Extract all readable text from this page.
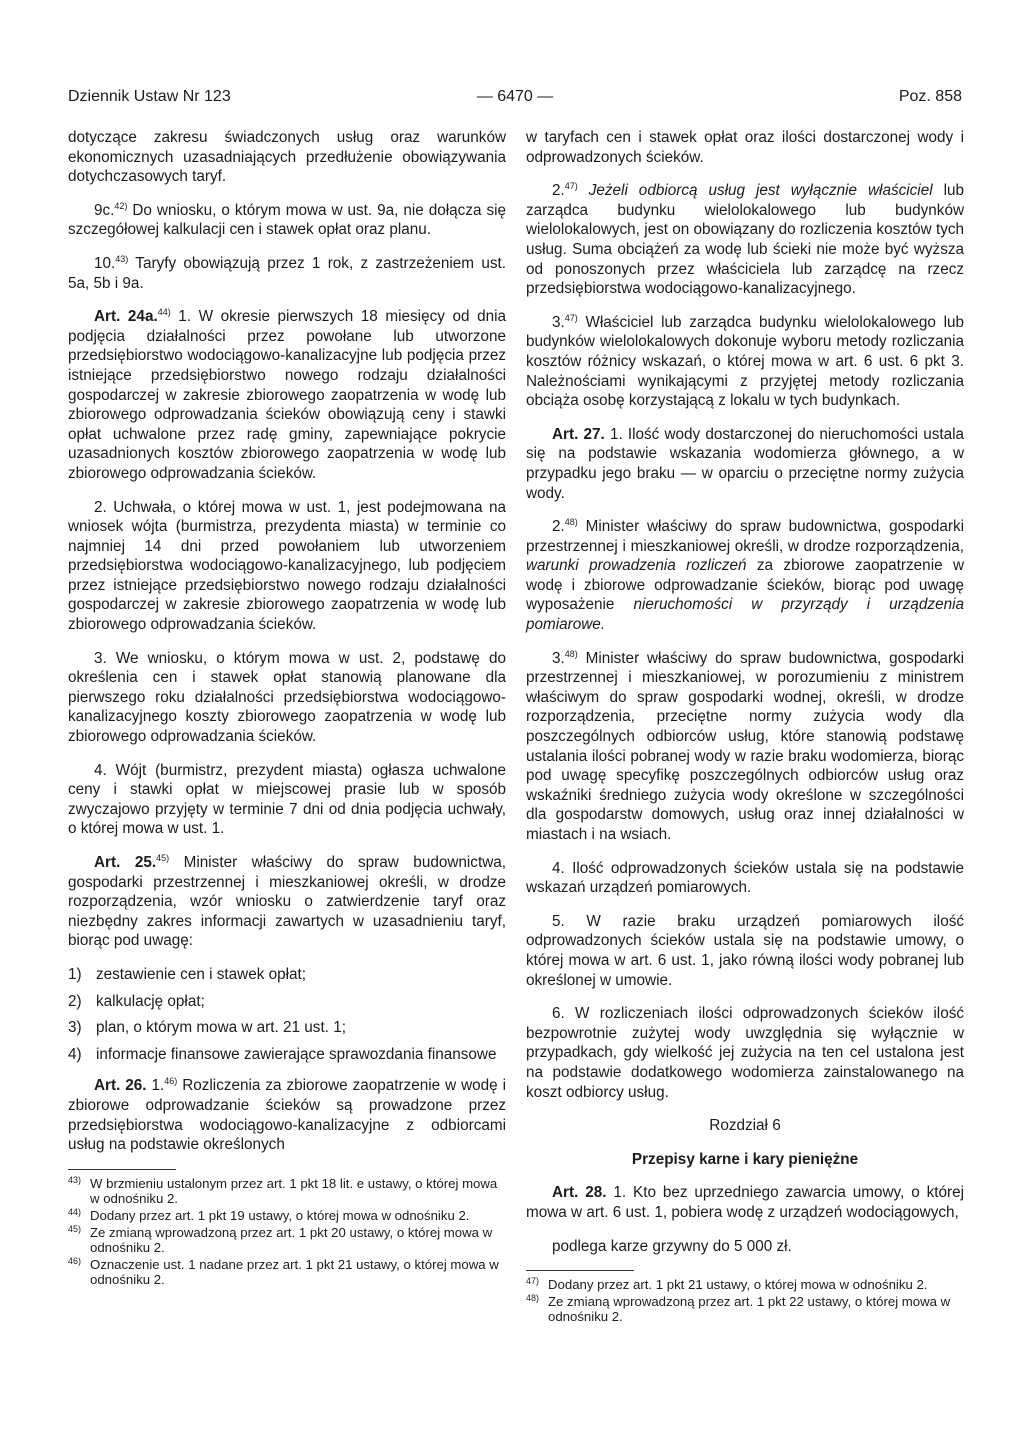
Dziennik Ustaw Nr 123	— 6470 —	Poz. 858

dotyczące zakresu świadczonych usług oraz warunków ekonomicznych uzasadniających przedłużenie obowiązywania dotychczasowych taryf.

9c.$^{42)}$ Do wniosku, o którym mowa w ust. 9a, nie dołącza się szczegółowej kalkulacji cen i stawek opłat oraz planu.

10.$^{43)}$ Taryfy obowiązują przez 1 rok, z zastrzeżeniem ust. 5a, 5b i 9a.

Art. 24a.$^{44)}$ 1. W okresie pierwszych 18 miesięcy od dnia podjęcia działalności przez powołane lub utworzone przedsiębiorstwo wodociągowo-kanalizacyjne lub podjęcia przez istniejące przedsiębiorstwo nowego rodzaju działalności gospodarczej w zakresie zbiorowego zaopatrzenia w wodę lub zbiorowego odprowadzania ścieków obowiązują ceny i stawki opłat uchwalone przez radę gminy, zapewniające pokrycie uzasadnionych kosztów zbiorowego zaopatrzenia w wodę lub zbiorowego odprowadzania ścieków.

2. Uchwała, o której mowa w ust. 1, jest podejmowana na wniosek wójta (burmistrza, prezydenta miasta) w terminie co najmniej 14 dni przed powołaniem lub utworzeniem przedsiębiorstwa wodociągowo-kanalizacyjnego, lub podjęciem przez istniejące przedsiębiorstwo nowego rodzaju działalności gospodarczej w zakresie zbiorowego zaopatrzenia w wodę lub zbiorowego odprowadzania ścieków.

3. We wniosku, o którym mowa w ust. 2, podstawę do określenia cen i stawek opłat stanowią planowane dla pierwszego roku działalności przedsiębiorstwa wodociągowo-kanalizacyjnego koszty zbiorowego zaopatrzenia w wodę lub zbiorowego odprowadzania ścieków.

4. Wójt (burmistrz, prezydent miasta) ogłasza uchwalone ceny i stawki opłat w miejscowej prasie lub w sposób zwyczajowo przyjęty w terminie 7 dni od dnia podjęcia uchwały, o której mowa w ust. 1.

Art. 25.$^{45)}$ Minister właściwy do spraw budownictwa, gospodarki przestrzennej i mieszkaniowej określi, w drodze rozporządzenia, wzór wniosku o zatwierdzenie taryf oraz niezbędny zakres informacji zawartych w uzasadnieniu taryf, biorąc pod uwagę:

1) zestawienie cen i stawek opłat;
2) kalkulację opłat;
3) plan, o którym mowa w art. 21 ust. 1;
4) informacje finansowe zawierające sprawozdania finansowe

Art. 26. 1.$^{46)}$ Rozliczenia za zbiorowe zaopatrzenie w wodę i zbiorowe odprowadzanie ścieków są prowadzone przez przedsiębiorstwa wodociągowo-kanalizacyjne z odbiorcami usług na podstawie określonych

43) W brzmieniu ustalonym przez art. 1 pkt 18 lit. e ustawy, o której mowa w odnośniku 2.
44) Dodany przez art. 1 pkt 19 ustawy, o której mowa w odnośniku 2.
45) Ze zmianą wprowadzoną przez art. 1 pkt 20 ustawy, o której mowa w odnośniku 2.
46) Oznaczenie ust. 1 nadane przez art. 1 pkt 21 ustawy, o której mowa w odnośniku 2.

w taryfach cen i stawek opłat oraz ilości dostarczonej wody i odprowadzonych ścieków.

2.$^{47)}$ Jeżeli odbiorcą usług jest wyłącznie właściciel lub zarządca budynku wielolokalowego lub budynków wielolokalowych, jest on obowiązany do rozliczenia kosztów tych usług. Suma obciążeń za wodę lub ścieki nie może być wyższa od ponoszonych przez właściciela lub zarządcę na rzecz przedsiębiorstwa wodociągowo-kanalizacyjnego.

3.$^{47)}$ Właściciel lub zarządca budynku wielolokalowego lub budynków wielolokalowych dokonuje wyboru metody rozliczania kosztów różnicy wskazań, o której mowa w art. 6 ust. 6 pkt 3. Należnościami wynikającymi z przyjętej metody rozliczania obciąża osobę korzystającą z lokalu w tych budynkach.

Art. 27. 1. Ilość wody dostarczonej do nieruchomości ustala się na podstawie wskazania wodomierza głównego, a w przypadku jego braku — w oparciu o przeciętne normy zużycia wody.

2.$^{48)}$ Minister właściwy do spraw budownictwa, gospodarki przestrzennej i mieszkaniowej określi, w drodze rozporządzenia, warunki prowadzenia rozliczeń za zbiorowe zaopatrzenie w wodę i zbiorowe odprowadzanie ścieków, biorąc pod uwagę wyposażenie nieruchomości w przyrządy i urządzenia pomiarowe.

3.$^{48)}$ Minister właściwy do spraw budownictwa, gospodarki przestrzennej i mieszkaniowej, w porozumieniu z ministrem właściwym do spraw gospodarki wodnej, określi, w drodze rozporządzenia, przeciętne normy zużycia wody dla poszczególnych odbiorców usług, które stanowią podstawę ustalania ilości pobranej wody w razie braku wodomierza, biorąc pod uwagę specyfikę poszczególnych odbiorców usług oraz wskaźniki średniego zużycia wody określone w szczególności dla gospodarstw domowych, usług oraz innej działalności w miastach i na wsiach.

4. Ilość odprowadzonych ścieków ustala się na podstawie wskazań urządzeń pomiarowych.

5. W razie braku urządzeń pomiarowych ilość odprowadzonych ścieków ustala się na podstawie umowy, o której mowa w art. 6 ust. 1, jako równą ilości wody pobranej lub określonej w umowie.

6. W rozliczeniach ilości odprowadzonych ścieków ilość bezpowrotnie zużytej wody uwzględnia się wyłącznie w przypadkach, gdy wielkość jej zużycia na ten cel ustalona jest na podstawie dodatkowego wodomierza zainstalowanego na koszt odbiorcy usług.

Rozdział 6

Przepisy karne i kary pieniężne

Art. 28. 1. Kto bez uprzedniego zawarcia umowy, o której mowa w art. 6 ust. 1, pobiera wodę z urządzeń wodociągowych,

podlega karze grzywny do 5 000 zł.

47) Dodany przez art. 1 pkt 21 ustawy, o której mowa w odnośniku 2.
48) Ze zmianą wprowadzoną przez art. 1 pkt 22 ustawy, o której mowa w odnośniku 2.
